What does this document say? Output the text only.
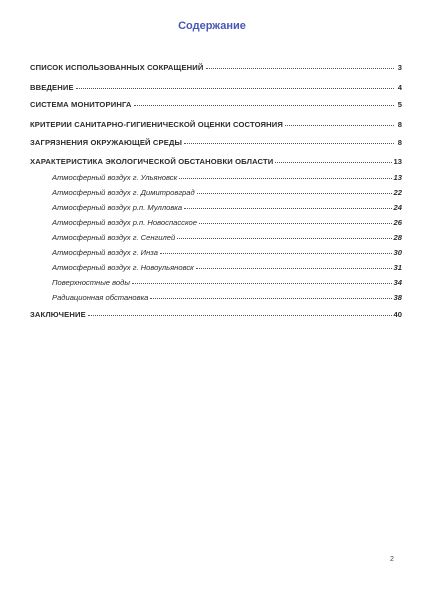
Содержание
СПИСОК ИСПОЛЬЗОВАННЫХ СОКРАЩЕНИЙ	3
ВВЕДЕНИЕ	4
СИСТЕМА МОНИТОРИНГА	5
КРИТЕРИИ САНИТАРНО-ГИГИЕНИЧЕСКОЙ ОЦЕНКИ СОСТОЯНИЯ	8
ЗАГРЯЗНЕНИЯ ОКРУЖАЮЩЕЙ СРЕДЫ	8
ХАРАКТЕРИСТИКА ЭКОЛОГИЧЕСКОЙ ОБСТАНОВКИ ОБЛАСТИ	13
Атмосферный воздух г. Ульяновск	13
Атмосферный воздух г. Димитровград	22
Атмосферный воздух р.п. Мулловка	24
Атмосферный воздух р.п. Новоспасское	26
Атмосферный воздух г. Сенгилей	28
Атмосферный воздух г. Инза	30
Атмосферный воздух г. Новоульяновск	31
Поверхностные воды	34
Радиационная обстановка	38
ЗАКЛЮЧЕНИЕ	40
2
